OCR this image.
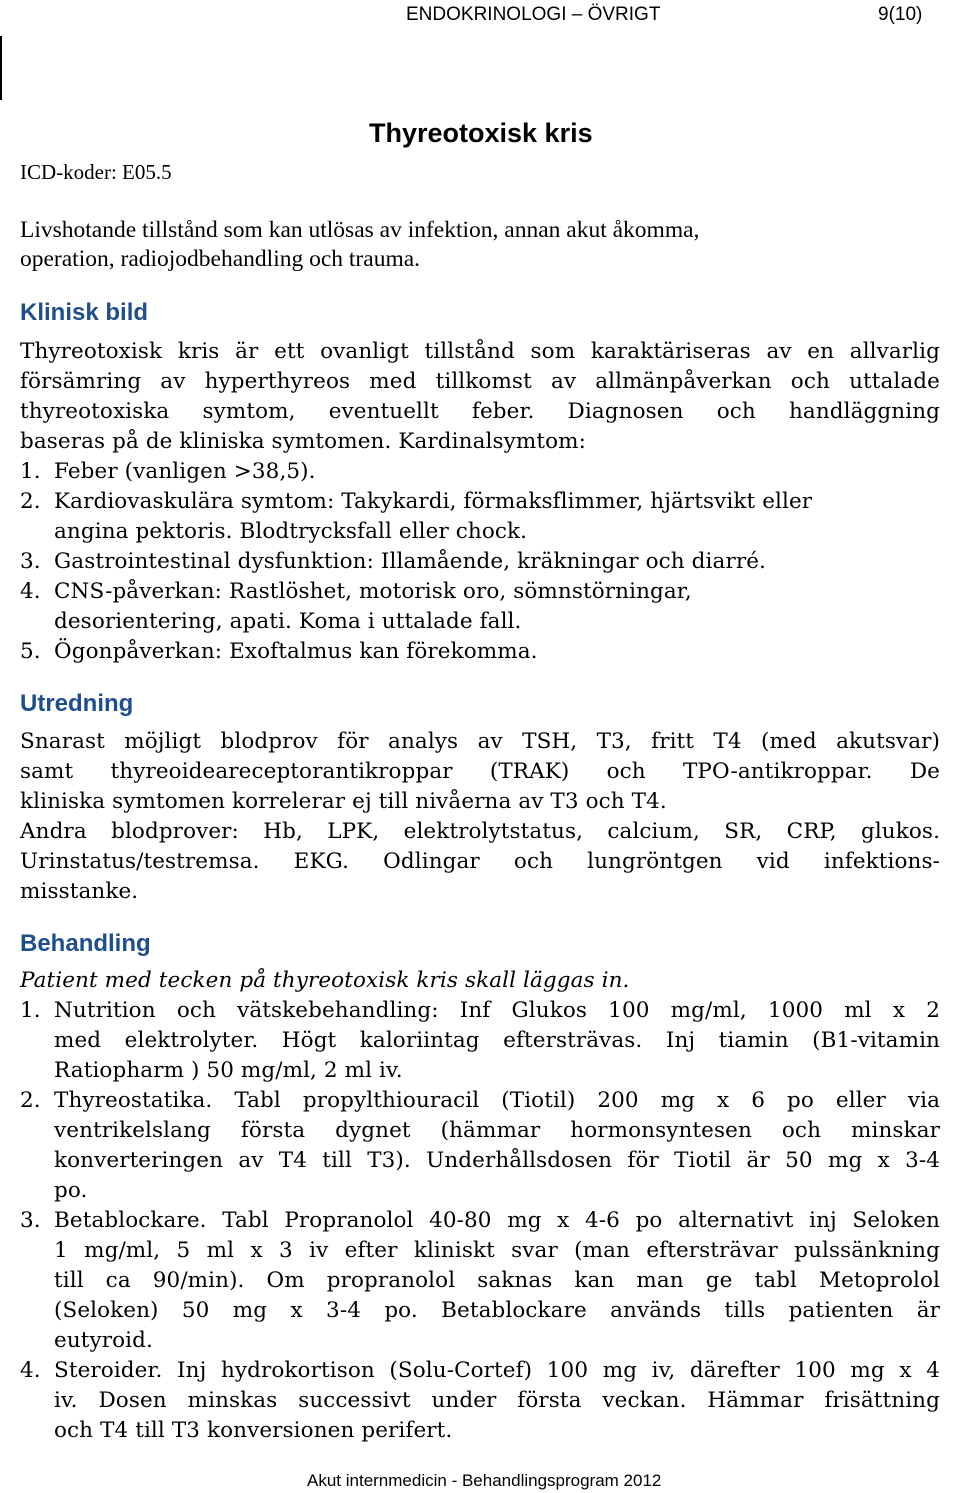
ENDOKRINOLOGI – ÖVRIGT	9(10)
Thyreotoxisk kris
ICD-koder: E05.5
Livshotande tillstånd som kan utlösas av infektion, annan akut åkomma,
operation, radiojodbehandling och trauma.
Klinisk bild
Thyreotoxisk kris är ett ovanligt tillstånd som karaktäriseras av en allvarlig
försämring av hyperthyreos med tillkomst av allmänpåverkan och uttalade
thyreotoxiska symtom, eventuellt feber. Diagnosen och handläggning
baseras på de kliniska symtomen. Kardinalsymtom:
1. Feber (vanligen >38,5).
2. Kardiovaskulära symtom: Takykardi, förmaksflimmer, hjärtsvikt eller
angina pektoris. Blodtrycksfall eller chock.
3. Gastrointestinal dysfunktion: Illamående, kräkningar och diarré.
4. CNS-påverkan: Rastlöshet, motorisk oro, sömnstörningar,
desorientering, apati. Koma i uttalade fall.
5. Ögonpåverkan: Exoftalmus kan förekomma.
Utredning
Snarast möjligt blodprov för analys av TSH, T3, fritt T4 (med akutsvar)
samt thyreoideareceptorantikroppar (TRAK) och TPO-antikroppar. De
kliniska symtomen korrelerar ej till nivåerna av T3 och T4.
Andra blodprover: Hb, LPK, elektrolytstatus, calcium, SR, CRP, glukos.
Urinstatus/testremsa. EKG. Odlingar och lungröntgen vid infektions-
misstanke.
Behandling
Patient med tecken på thyreotoxisk kris skall läggas in.
1. Nutrition och vätskebehandling: Inf Glukos 100 mg/ml, 1000 ml x 2
med elektrolyter. Högt kaloriintag eftersträvas. Inj tiamin (B1-vitamin
Ratiopharm ) 50 mg/ml, 2 ml iv.
2. Thyreostatika. Tabl propylthiouracil (Tiotil) 200 mg x 6 po eller via
ventrikelslang första dygnet (hämmar hormonsyntesen och minskar
konverteringen av T4 till T3). Underhållsdosen för Tiotil är 50 mg x 3-4
po.
3. Betablockare. Tabl Propranolol 40-80 mg x 4-6 po alternativt inj Seloken
1 mg/ml, 5 ml x 3 iv efter kliniskt svar (man eftersträvar pulssänkning
till ca 90/min). Om propranolol saknas kan man ge tabl Metoprolol
(Seloken) 50 mg x 3-4 po. Betablockare används tills patienten är
eutyroid.
4. Steroider. Inj hydrokortison (Solu-Cortef) 100 mg iv, därefter 100 mg x 4
iv. Dosen minskas successivt under första veckan. Hämmar frisättning
och T4 till T3 konversionen perifert.
Akut internmedicin - Behandlingsprogram 2012
